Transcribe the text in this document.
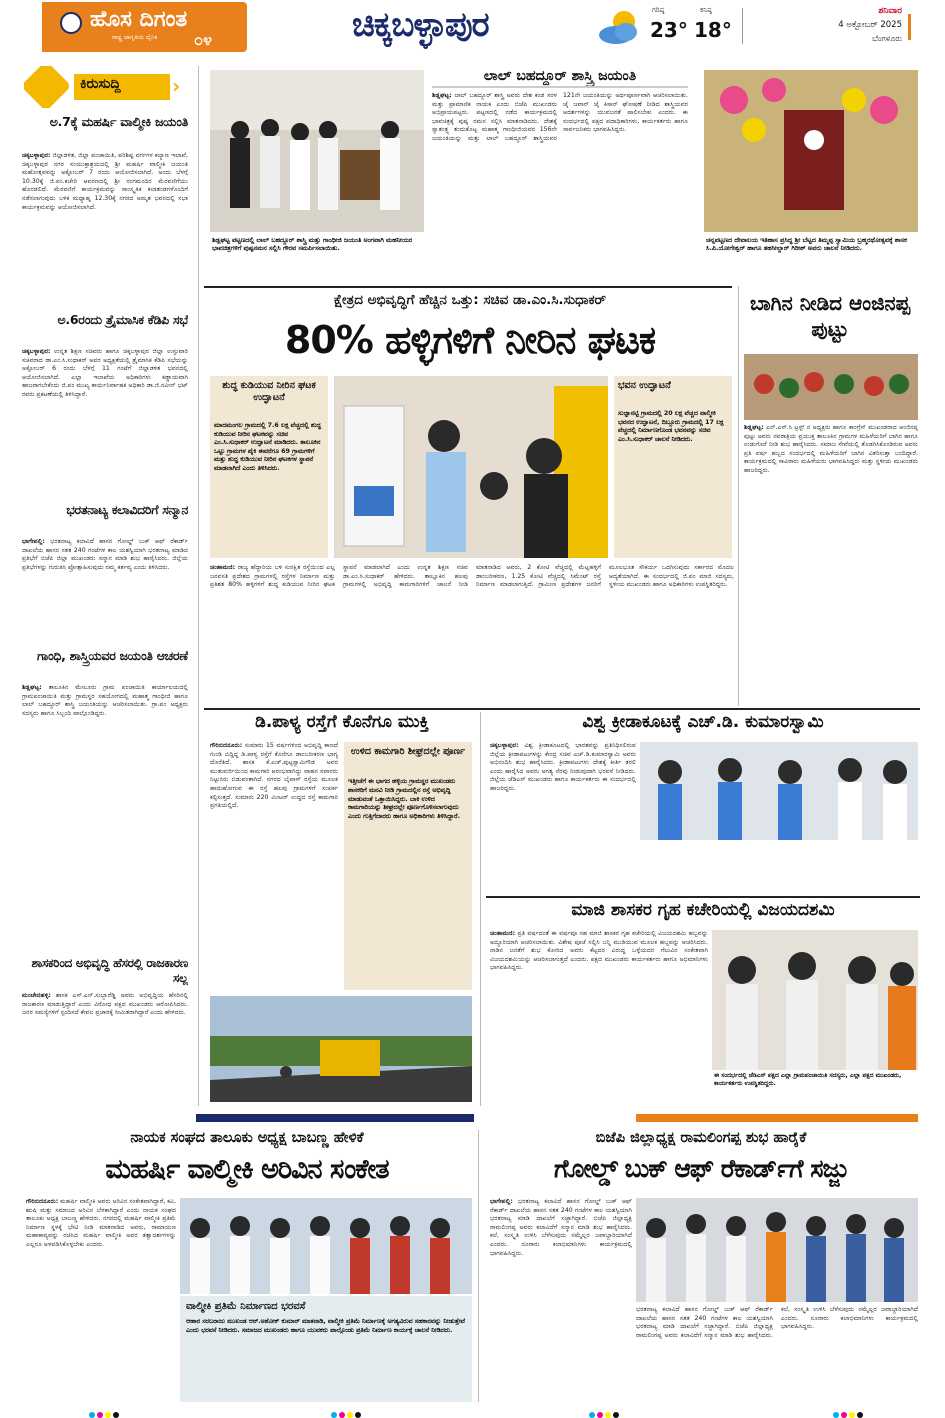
ಹೊಸ ದಿಗಂತ
ರಾಷ್ಟ್ರ ಜಾಗೃತಿಯ ದೈನಿಕ	೦೪	ಚಿಕ್ಕಬಳ್ಳಾಪುರ	ಗರಿಷ್ಠ
23°
ಕನಿಷ್ಠ
18°
ಶನಿವಾರ
4 ಅಕ್ಟೋಬರ್ 2025
ಬೆಂಗಳೂರು
ಕಿರುಸುದ್ದಿ	›
ಅ.7ಕ್ಕೆ ಮಹರ್ಷಿ ವಾಲ್ಮೀಕಿ ಜಯಂತಿ
ಚಿಕ್ಕಬಳ್ಳಾಪುರ: ಜಿಲ್ಲಾಡಳಿತ, ಜಿಲ್ಲಾ ಪಂಚಾಯಿತಿ, ಪರಿಶಿಷ್ಟ ವರ್ಗಗಳ ಕಲ್ಯಾಣ ಇಲಾಖೆ, ಚಿಕ್ಕಬಳ್ಳಾಪುರ ನಗರ ಸಂಯುಕ್ತಾಶ್ರಯದಲ್ಲಿ ಶ್ರೀ ಮಹರ್ಷಿ ವಾಲ್ಮೀಕಿ ಜಯಂತಿ ಮಹೋತ್ಸವವನ್ನು ಅಕ್ಟೋಬರ್ 7 ರಂದು ಆಯೋಜಿಸಲಾಗಿದೆ. ಅಂದು ಬೆಳಗ್ಗೆ 10.30ಕ್ಕೆ ಜಿ.ಪಂ.ಕಚೇರಿ ಆವರಣದಲ್ಲಿ ಶ್ರೀ ರಂಗಮಂದಿರ ಮೆರವಣಿಗೆಯು ಹೊರಡಲಿದೆ. ಮೆರವಣಿಗೆ ಕಾರ್ಯಕ್ರಮವನ್ನು ಸಾಂಸ್ಕೃತಿಕ ಕಲಾತಂಡಗಳೊಂದಿಗೆ ನಡೆಸಲಾಗುವುದು ಬಳಿಕ ಮಧ್ಯಾಹ್ನ 12.30ಕ್ಕೆ ನಗರದ ಅಮೃತ ಭವನದಲ್ಲಿ ಸಭಾ ಕಾರ್ಯಕ್ರಮವನ್ನು ಆಯೋಜಿಸಲಾಗಿದೆ.
ಅ.6ರಂದು ತ್ರೈಮಾಸಿಕ ಕೆಡಿಪಿ ಸಭೆ
ಚಿಕ್ಕಬಳ್ಳಾಪುರ: ಉನ್ನತ ಶಿಕ್ಷಣ ಸಚಿವರು ಹಾಗೂ ಚಿಕ್ಕಬಳ್ಳಾಪುರ ಜಿಲ್ಲಾ ಉಸ್ತುವಾರಿ ಸಚಿವರಾದ ಡಾ.ಎಂ.ಸಿ.ಸುಧಾಕರ್ ಅವರ ಅಧ್ಯಕ್ಷತೆಯಲ್ಲಿ ತ್ರೈಮಾಸಿಕ ಕೆಡಿಪಿ ಸಭೆಯನ್ನು ಅಕ್ಟೋಬರ್ 6 ರಂದು ಬೆಳಗ್ಗೆ 11 ಗಂಟೆಗೆ ಜಿಲ್ಲಾಡಳಿತ ಭವನದಲ್ಲಿ ಆಯೋಜಿಸಲಾಗಿದೆ. ಎಲ್ಲಾ ಇಲಾಖೆಯ ಅಧಿಕಾರಿಗಳು ಕಡ್ಡಾಯವಾಗಿ ಹಾಜರಾಗಬೇಕೆಂದು ಜಿ.ಪಂ ಮುಖ್ಯ ಕಾರ್ಯನಿರ್ವಾಹಕ ಅಧಿಕಾರಿ ಡಾ.ಜಿ.ನವೀನ್ ಭಟ್ ರವರು ಪ್ರಕಟಣೆಯಲ್ಲಿ ತಿಳಿಸಿದ್ದಾರೆ.
ಭರತನಾಟ್ಯ ಕಲಾವಿದರಿಗೆ ಸನ್ಮಾನ
ಭಾಗೇಪಲ್ಲಿ: ಭರತನಾಟ್ಯ ಕಲಾವಿದೆ ಹಾಸನ ಗೋಲ್ಡ್ ಬುಕ್ ಆಫ್ ರೆಕಾರ್ಡ್ ದಾಖಲೆಯ ಹಾಸನ ಸತತ 240 ಗಂಟೆಗಳ ಕಾಲ ಯಶಸ್ವಿಯಾಗಿ ಭರತನಾಟ್ಯ ಮಾಡಿದ ಪ್ರತಿಭೆಗೆ ಬಿಜೆಪಿ ಜಿಲ್ಲಾ ಮುಖಂಡರು ಸನ್ಮಾನ ಮಾಡಿ ಶುಭ ಹಾರೈಸಿದರು. ಜಿಲ್ಲೆಯ ಪ್ರತಿಭೆಗಳನ್ನು ಗುರುತಿಸಿ ಪ್ರೋತ್ಸಾಹಿಸುವುದು ನಮ್ಮ ಕರ್ತವ್ಯ ಎಂದು ತಿಳಿಸಿದರು.
ಗಾಂಧಿ, ಶಾಸ್ತ್ರಿಯವರ ಜಯಂತಿ ಆಚರಣೆ
ಶಿಡ್ಲಘಟ್ಟ: ತಾಲೂಕಿನ ಮೇಲೂರು ಗ್ರಾಮ ಪಂಚಾಯಿತಿ ಕಾರ್ಯಾಲಯದಲ್ಲಿ ಗ್ರಾಮಪಂಚಾಯಿತಿ ಮತ್ತು ಗ್ರಾಮಸ್ಥರ ಸಹಯೋಗದಲ್ಲಿ ಮಹಾತ್ಮ ಗಾಂಧೀಜಿ ಹಾಗೂ ಲಾಲ್ ಬಹದ್ದೂರ್ ಶಾಸ್ತ್ರಿ ಜಯಂತಿಯನ್ನು ಆಚರಿಸಲಾಯಿತು. ಗ್ರಾ.ಪಂ ಅಧ್ಯಕ್ಷರು ಸದಸ್ಯರು ಹಾಗೂ ಸಿಬ್ಬಂದಿ ಪಾಲ್ಗೊಂಡಿದ್ದರು.
ಶಾಸಕರಿಂದ ಅಭಿವೃದ್ಧಿ ಹೆಸರಲ್ಲಿ ರಾಜಕಾರಣ ಸಲ್ಲ
ಮಂಚೇನಹಳ್ಳಿ: ಶಾಸಕ ಎಸ್.ಎನ್.ಸುಬ್ಬಾರೆಡ್ಡಿ ಅವರು ಅಭಿವೃದ್ಧಿಯ ಹೆಸರಿನಲ್ಲಿ ರಾಜಕಾರಣ ಮಾಡುತ್ತಿದ್ದಾರೆ ಎಂದು ವಿರೋಧ ಪಕ್ಷದ ಮುಖಂಡರು ಆರೋಪಿಸಿದರು. ಜನರ ಸಮಸ್ಯೆಗಳಿಗೆ ಸ್ಪಂದಿಸದೆ ಕೇವಲ ಪ್ರಚಾರಕ್ಕೆ ಸೀಮಿತರಾಗಿದ್ದಾರೆ ಎಂದು ಹೇಳಿದರು.
ಶಿಡ್ಲಘಟ್ಟ ಪಟ್ಟಣದಲ್ಲಿ ಲಾಲ್ ಬಹದ್ದೂರ್ ಶಾಸ್ತ್ರಿ ಮತ್ತು ಗಾಂಧೀಜಿ ಜಯಂತಿ ಅಂಗವಾಗಿ ಮಹನೀಯರ ಭಾವಚಿತ್ರಗಳಿಗೆ ಪುಷ್ಪನಮನ ಸಲ್ಲಿಸಿ ಗೌರವ ಸಮರ್ಪಿಸಲಾಯಿತು.
ಲಾಲ್ ಬಹದ್ದೂರ್ ಶಾಸ್ತ್ರಿ ಜಯಂತಿ
ಶಿಡ್ಲಘಟ್ಟ: ಲಾಲ್ ಬಹದ್ದೂರ್ ಶಾಸ್ತ್ರಿ ಅವರು ದೇಶ ಕಂಡ ಸರಳ ಮತ್ತು ಪ್ರಾಮಾಣಿಕ ನಾಯಕ ಎಂದು ಬಿಜೆಪಿ ಮುಖಂಡರು ಅಭಿಪ್ರಾಯಪಟ್ಟರು. ಪಟ್ಟಣದಲ್ಲಿ ನಡೆದ ಕಾರ್ಯಕ್ರಮದಲ್ಲಿ ಭಾವಚಿತ್ರಕ್ಕೆ ಪುಷ್ಪ ನಮನ ಸಲ್ಲಿಸಿ ಮಾತನಾಡಿದರು. ದೇಶಕ್ಕೆ ಸ್ವಾತಂತ್ರ್ಯ ತಂದುಕೊಟ್ಟ ಮಹಾತ್ಮ ಗಾಂಧೀಜಿಯವರ 156ನೇ ಜಯಂತಿಯನ್ನು ಮತ್ತು ಲಾಲ್ ಬಹದ್ದೂರ್ ಶಾಸ್ತ್ರಿಯವರ 121ನೇ ಜಯಂತಿಯನ್ನು ಅರ್ಥಪೂರ್ಣವಾಗಿ ಆಚರಿಸಲಾಯಿತು. ಜೈ ಜವಾನ್ ಜೈ ಕಿಸಾನ್ ಘೋಷಣೆ ನೀಡಿದ ಶಾಸ್ತ್ರಿಯವರ ಆದರ್ಶಗಳನ್ನು ಯುವಜನತೆ ಪಾಲಿಸಬೇಕು ಎಂದರು. ಈ ಸಂದರ್ಭದಲ್ಲಿ ಪಕ್ಷದ ಪದಾಧಿಕಾರಿಗಳು, ಕಾರ್ಯಕರ್ತರು ಹಾಗೂ ಸಾರ್ವಜನಿಕರು ಭಾಗವಹಿಸಿದ್ದರು.
ಚನ್ನಪಟ್ಟಣದ ದೇವಾಲಯ ಇತಿಹಾಸ ಪ್ರಸಿದ್ಧ ಶ್ರೀ ಬೆಟ್ಟದ ತಿಮ್ಮಪ್ಪ ಸ್ವಾಮಿಯ ಬ್ರಹ್ಮರಥೋತ್ಸವಕ್ಕೆ ಶಾಸಕ ಸಿ.ಪಿ.ಯೋಗೇಶ್ವರ್ ಹಾಗೂ ತಹಸೀಲ್ದಾರ್ ಗಿರೀಶ್ ಅವರು ಚಾಲನೆ ನೀಡಿದರು.
ಕ್ಷೇತ್ರದ ಅಭಿವೃದ್ಧಿಗೆ ಹೆಚ್ಚಿನ ಒತ್ತು: ಸಚಿವ ಡಾ.ಎಂ.ಸಿ.ಸುಧಾಕರ್
80% ಹಳ್ಳಿಗಳಿಗೆ ನೀರಿನ ಘಟಕ
ಶುದ್ಧ ಕುಡಿಯುವ ನೀರಿನ ಘಟಕ ಉದ್ಘಾಟನೆ
ಮಾದಮಂಗಲ ಗ್ರಾಮದಲ್ಲಿ 7.6 ಲಕ್ಷ ವೆಚ್ಚದಲ್ಲಿ ಶುದ್ಧ ಕುಡಿಯುವ ನೀರಿನ ಘಟಕವನ್ನು ಸಚಿವ ಎಂ.ಸಿ.ಸುಧಾಕರ್ ಉದ್ಘಾಟನೆ ಮಾಡಿದರು. ತಾಲೂಕಿನ ಒಟ್ಟು ಗ್ರಾಮಗಳ ಪೈಕಿ ಈವರೆಗೂ 69 ಗ್ರಾಮಗಳಿಗೆ ಮತ್ತು ಶುದ್ಧ ಕುಡಿಯುವ ನೀರಿನ ಘಟಕಗಳ ಸ್ಥಾಪನೆ ಮಾಡಲಾಗಿದೆ ಎಂದು ತಿಳಿಸಿದರು.
ಭವನ ಉದ್ಘಾಟನೆ
ಸುಜ್ಞಾನಟ್ಟಿ ಗ್ರಾಮದಲ್ಲಿ 20 ಲಕ್ಷ ವೆಚ್ಚದ ವಾಲ್ಮೀಕಿ ಭವನದ ಉದ್ಘಾಟನೆ, ದಿಬ್ಬೂರು ಗ್ರಾಮದಲ್ಲಿ 17 ಲಕ್ಷ ವೆಚ್ಚದಲ್ಲಿ ನಿರ್ಮಾಣಗೊಂಡ ಭವನವನ್ನು ಸಚಿವ ಎಂ.ಸಿ.ಸುಧಾಕರ್ ಚಾಲನೆ ನೀಡಿದರು.
ಚಿಂತಾಮಣಿ: ರಾಜ್ಯ ಹೆದ್ದಾರಿಯ ಬಳಿ ಸುರಕ್ಷಿತ ರಸ್ತೆಯಿಂದ ಎಲ್ಲ ಜನವಸತಿ ಪ್ರದೇಶದ ಗ್ರಾಮಗಳಲ್ಲಿ ರಸ್ತೆಗಳ ನಿರ್ಮಾಣ ಮತ್ತು ಪ್ರತಿಶತ 80% ಹಳ್ಳಿಗಳಿಗೆ ಶುದ್ಧ ಕುಡಿಯುವ ನೀರಿನ ಘಟಕ ಸ್ಥಾಪನೆ ಮಾಡಲಾಗಿದೆ ಎಂದು ಉನ್ನತ ಶಿಕ್ಷಣ ಸಚಿವ ಡಾ.ಎಂ.ಸಿ.ಸುಧಾಕರ್ ಹೇಳಿದರು. ತಾಲ್ಲೂಕಿನ ಹಲವು ಗ್ರಾಮಗಳಲ್ಲಿ ಅಭಿವೃದ್ಧಿ ಕಾಮಗಾರಿಗಳಿಗೆ ಚಾಲನೆ ನೀಡಿ ಮಾತನಾಡಿದ ಅವರು, 2 ಕೋಟಿ ವೆಚ್ಚದಲ್ಲಿ ಮೆಟ್ಲಹಳ್ಳಿಗೆ ಡಾಂಬರೀಕರಣ, 1.25 ಕೋಟಿ ವೆಚ್ಚದಲ್ಲಿ ಸಿಮೆಂಟ್ ರಸ್ತೆ ನಿರ್ಮಾಣ ಮಾಡಲಾಗುತ್ತಿದೆ. ಗ್ರಾಮೀಣ ಪ್ರದೇಶಗಳ ಜನರಿಗೆ ಮೂಲಭೂತ ಸೌಕರ್ಯ ಒದಗಿಸುವುದು ಸರ್ಕಾರದ ಮೊದಲ ಆದ್ಯತೆಯಾಗಿದೆ. ಈ ಸಂದರ್ಭದಲ್ಲಿ ಜಿ.ಪಂ ಮಾಜಿ ಸದಸ್ಯರು, ಸ್ಥಳೀಯ ಮುಖಂಡರು ಹಾಗೂ ಅಧಿಕಾರಿಗಳು ಉಪಸ್ಥಿತರಿದ್ದರು.
ಬಾಗಿನ ನೀಡಿದ ಆಂಜಿನಪ್ಪ ಪುಟ್ಟು
ಶಿಡ್ಲಘಟ್ಟ: ಎನ್.ಎಸ್.ಸಿ ಟ್ರಸ್ಟ್ ನ ಅಧ್ಯಕ್ಷರು ಹಾಗೂ ಕಾಂಗ್ರೆಸ್ ಮುಖಂಡರಾದ ಆಂಜಿನಪ್ಪ ಪುಟ್ಟು ಅವರು ನವರಾತ್ರಿಯ ಪ್ರಯುಕ್ತ ತಾಲೂಕಿನ ಗ್ರಾಮಗಳ ಮಹಿಳೆಯರಿಗೆ ಬಾಗಿನ ಹಾಗೂ ಉಡುಗೊರೆ ನೀಡಿ ಶುಭ ಹಾರೈಸಿದರು. ಸಮಾಜ ಸೇವೆಯಲ್ಲಿ ತೊಡಗಿಸಿಕೊಂಡಿರುವ ಅವರು ಪ್ರತಿ ವರ್ಷ ಹಬ್ಬದ ಸಂದರ್ಭದಲ್ಲಿ ಮಹಿಳೆಯರಿಗೆ ಬಾಗಿನ ವಿತರಿಸುತ್ತಾ ಬಂದಿದ್ದಾರೆ. ಕಾರ್ಯಕ್ರಮದಲ್ಲಿ ಸಾವಿರಾರು ಮಹಿಳೆಯರು ಭಾಗವಹಿಸಿದ್ದರು ಮತ್ತು ಸ್ಥಳೀಯ ಮುಖಂಡರು ಹಾಜರಿದ್ದರು.
ಡಿ.ಪಾಳ್ಯ ರಸ್ತೆಗೆ ಕೊನೆಗೂ ಮುಕ್ತಿ
ಗೌರಿಬಿದನೂರು: ಸುಮಾರು 15 ವರ್ಷಗಳಿಂದ ಅಭಿವೃದ್ಧಿ ಕಾಣದೆ ಗುಂಡಿ ಬಿದ್ದಿದ್ದ ಡಿ.ಪಾಳ್ಯ ರಸ್ತೆಗೆ ಕೊನೆಗೂ ಡಾಂಬರೀಕರಣ ಭಾಗ್ಯ ದೊರೆತಿದೆ. ಶಾಸಕ ಕೆ.ಎಚ್.ಪುಟ್ಟಸ್ವಾಮಿಗೌಡ ಅವರ ಮುತುವರ್ಜಿಯಿಂದ ಕಾಮಗಾರಿ ಆರಂಭವಾಗಿದ್ದು ವಾಹನ ಸವಾರರು ನಿಟ್ಟುಸಿರು ಬಿಡುವಂತಾಗಿದೆ. ನಗರದ ಬೈಪಾಸ್ ರಸ್ತೆಯ ಮೂಲಕ ಹಾದುಹೋಗುವ ಈ ರಸ್ತೆ ಹಲವು ಗ್ರಾಮಗಳಿಗೆ ಸಂಪರ್ಕ ಕಲ್ಪಿಸುತ್ತದೆ. ಸುಮಾರು 220 ಮೀಟರ್ ಉದ್ದದ ರಸ್ತೆ ಕಾಮಗಾರಿ ಪ್ರಗತಿಯಲ್ಲಿದೆ.
ಉಳಿದ ಕಾಮಗಾರಿ ಶೀಘ್ರದಲ್ಲೇ ಪೂರ್ಣ
ಇತ್ತೀಚೆಗೆ ಈ ಭಾಗದ ಹಳ್ಳಿಯ ಗ್ರಾಮಸ್ಥರ ಮುಖಂಡರು ಶಾಸಕರಿಗೆ ಮನವಿ ನೀಡಿ ಗ್ರಾಮದಲ್ಲಿನ ರಸ್ತೆ ಅಭಿವೃದ್ಧಿ ಮಾಡುವಂತೆ ಒತ್ತಾಯಿಸಿದ್ದರು. ಬಾಕಿ ಉಳಿದ ಕಾಮಗಾರಿಯನ್ನು ಶೀಘ್ರದಲ್ಲೇ ಪೂರ್ಣಗೊಳಿಸಲಾಗುವುದು ಎಂದು ಗುತ್ತಿಗೆದಾರರು ಹಾಗೂ ಅಧಿಕಾರಿಗಳು ತಿಳಿಸಿದ್ದಾರೆ.
ವಿಶ್ವ ಕ್ರೀಡಾಕೂಟಕ್ಕೆ ಎಚ್.ಡಿ. ಕುಮಾರಸ್ವಾಮಿ
ಚಿಕ್ಕಬಳ್ಳಾಪುರ: ವಿಶ್ವ ಕ್ರೀಡಾಕೂಟದಲ್ಲಿ ಭಾರತವನ್ನು ಪ್ರತಿನಿಧಿಸಲಿರುವ ಜಿಲ್ಲೆಯ ಕ್ರೀಡಾಪಟುಗಳನ್ನು ಕೇಂದ್ರ ಸಚಿವ ಎಚ್.ಡಿ.ಕುಮಾರಸ್ವಾಮಿ ಅವರು ಅಭಿನಂದಿಸಿ ಶುಭ ಹಾರೈಸಿದರು. ಕ್ರೀಡಾಪಟುಗಳು ದೇಶಕ್ಕೆ ಕೀರ್ತಿ ತರಲಿ ಎಂದು ಹಾರೈಸಿದ ಅವರು ಅಗತ್ಯ ನೆರವು ನೀಡುವುದಾಗಿ ಭರವಸೆ ನೀಡಿದರು. ಜಿಲ್ಲೆಯ ಜೆಡಿಎಸ್ ಮುಖಂಡರು ಹಾಗೂ ಕಾರ್ಯಕರ್ತರು ಈ ಸಂದರ್ಭದಲ್ಲಿ ಹಾಜರಿದ್ದರು.
ಮಾಜಿ ಶಾಸಕರ ಗೃಹ ಕಚೇರಿಯಲ್ಲಿ ವಿಜಯದಶಮಿ
ಚಿಂತಾಮಣಿ: ಪ್ರತಿ ವರ್ಷದಂತೆ ಈ ವರ್ಷವೂ ಸಹ ಮಾಜಿ ಶಾಸಕರ ಗೃಹ ಕಚೇರಿಯಲ್ಲಿ ವಿಜಯದಶಮಿ ಹಬ್ಬವನ್ನು ಅದ್ದೂರಿಯಾಗಿ ಆಚರಿಸಲಾಯಿತು. ವಿಶೇಷ ಪೂಜೆ ಸಲ್ಲಿಸಿ ಬನ್ನಿ ಮುಡಿಯುವ ಮೂಲಕ ಹಬ್ಬವನ್ನು ಆಚರಿಸಿದರು. ನಾಡಿನ ಜನತೆಗೆ ಶುಭ ಕೋರಿದ ಅವರು ಕೆಟ್ಟದರ ವಿರುದ್ಧ ಒಳ್ಳೆಯದರ ಗೆಲುವಿನ ಸಂಕೇತವಾಗಿ ವಿಜಯದಶಮಿಯನ್ನು ಆಚರಿಸಲಾಗುತ್ತದೆ ಎಂದರು. ಪಕ್ಷದ ಮುಖಂಡರು ಕಾರ್ಯಕರ್ತರು ಹಾಗೂ ಅಭಿಮಾನಿಗಳು ಭಾಗವಹಿಸಿದ್ದರು.
ಈ ಸಂದರ್ಭದಲ್ಲಿ ಜೆಡಿಎಸ್ ಪಕ್ಷದ ಎಲ್ಲಾ ಗ್ರಾಮಪಂಚಾಯಿತಿ ಸದಸ್ಯರು, ಎಲ್ಲಾ ಪಕ್ಷದ ಮುಖಂಡರು, ಕಾರ್ಯಕರ್ತರು ಉಪಸ್ಥಿತರಿದ್ದರು.
ನಾಯಕ ಸಂಘದ ತಾಲೂಕು ಅಧ್ಯಕ್ಷ ಬಾಬಣ್ಣ ಹೇಳಿಕೆ
ಮಹರ್ಷಿ ವಾಲ್ಮೀಕಿ ಅರಿವಿನ ಸಂಕೇತ
ಗೌರಿಬಿದನೂರು: ಮಹರ್ಷಿ ವಾಲ್ಮೀಕಿ ಅವರು ಅರಿವಿನ ಸಂಕೇತವಾಗಿದ್ದಾರೆ, ಕವಿ, ಋಷಿ ಮತ್ತು ಸಮಾಜದ ಅರಿವಿನ ಬೆಳಕಾಗಿದ್ದಾರೆ ಎಂದು ನಾಯಕ ಸಂಘದ ತಾಲೂಕು ಅಧ್ಯಕ್ಷ ಬಾಬಣ್ಣ ಹೇಳಿದರು. ನಗರದಲ್ಲಿ ಮಹರ್ಷಿ ವಾಲ್ಮೀಕಿ ಪ್ರತಿಮೆ ನಿರ್ಮಾಣ ಸ್ಥಳಕ್ಕೆ ಭೇಟಿ ನೀಡಿ ಮಾತನಾಡಿದ ಅವರು, ರಾಮಾಯಣ ಮಹಾಕಾವ್ಯವನ್ನು ರಚಿಸಿದ ಮಹರ್ಷಿ ವಾಲ್ಮೀಕಿ ಅವರ ತತ್ವಾದರ್ಶಗಳನ್ನು ಎಲ್ಲರೂ ಅಳವಡಿಸಿಕೊಳ್ಳಬೇಕು ಎಂದರು.
ವಾಲ್ಮೀಕಿ ಪ್ರತಿಮೆ ನಿರ್ಮಾಣದ ಭರವಸೆ
ಆಹಾರ ಸರಬರಾಜು ಮುಖಂಡ ಆರ್.ಅಶೋಕ್ ಕುಮಾರ್ ಮಾತನಾಡಿ, ವಾಲ್ಮೀಕಿ ಪ್ರತಿಮೆ ನಿರ್ಮಾಣಕ್ಕೆ ಅಗತ್ಯವಿರುವ ಸಹಕಾರವನ್ನು ನೀಡುತ್ತೇವೆ ಎಂದು ಭರವಸೆ ನೀಡಿದರು. ಸಮಾಜದ ಮುಖಂಡರು ಹಾಗೂ ಯುವಕರು ಪಾಲ್ಗೊಂಡು ಪ್ರತಿಮೆ ನಿರ್ಮಾಣ ಕಾರ್ಯಕ್ಕೆ ಚಾಲನೆ ನೀಡಿದರು.
ಬಿಜೆಪಿ ಜಿಲ್ಲಾಧ್ಯಕ್ಷ ರಾಮಲಿಂಗಪ್ಪ ಶುಭ ಹಾರೈಕೆ
ಗೋಲ್ಡ್ ಬುಕ್ ಆಫ್ ರೆಕಾರ್ಡ್‌ಗೆ ಸಜ್ಜು
ಭಾಗೇಪಲ್ಲಿ: ಭರತನಾಟ್ಯ ಕಲಾವಿದೆ ಹಾಸನ ಗೋಲ್ಡ್ ಬುಕ್ ಆಫ್ ರೆಕಾರ್ಡ್ ದಾಖಲೆಯ ಹಾಸನ ಸತತ 240 ಗಂಟೆಗಳ ಕಾಲ ಯಶಸ್ವಿಯಾಗಿ ಭರತನಾಟ್ಯ ಮಾಡಿ ದಾಖಲೆಗೆ ಸಜ್ಜಾಗಿದ್ದಾರೆ. ಬಿಜೆಪಿ ಜಿಲ್ಲಾಧ್ಯಕ್ಷ ರಾಮಲಿಂಗಪ್ಪ ಅವರು ಕಲಾವಿದೆಗೆ ಸನ್ಮಾನ ಮಾಡಿ ಶುಭ ಹಾರೈಸಿದರು. ಕಲೆ, ಸಂಸ್ಕೃತಿ ಉಳಿಸಿ ಬೆಳೆಸುವುದು ನಮ್ಮೆಲ್ಲರ ಜವಾಬ್ದಾರಿಯಾಗಿದೆ ಎಂದರು. ನೂರಾರು ಕಲಾಭಿಮಾನಿಗಳು ಕಾರ್ಯಕ್ರಮದಲ್ಲಿ ಭಾಗವಹಿಸಿದ್ದರು.
ಭರತನಾಟ್ಯ ಕಲಾವಿದೆ ಹಾಸನ ಗೋಲ್ಡ್ ಬುಕ್ ಆಫ್ ರೆಕಾರ್ಡ್ ದಾಖಲೆಯ ಹಾಸನ ಸತತ 240 ಗಂಟೆಗಳ ಕಾಲ ಯಶಸ್ವಿಯಾಗಿ ಭರತನಾಟ್ಯ ಮಾಡಿ ದಾಖಲೆಗೆ ಸಜ್ಜಾಗಿದ್ದಾರೆ. ಬಿಜೆಪಿ ಜಿಲ್ಲಾಧ್ಯಕ್ಷ ರಾಮಲಿಂಗಪ್ಪ ಅವರು ಕಲಾವಿದೆಗೆ ಸನ್ಮಾನ ಮಾಡಿ ಶುಭ ಹಾರೈಸಿದರು. ಕಲೆ, ಸಂಸ್ಕೃತಿ ಉಳಿಸಿ ಬೆಳೆಸುವುದು ನಮ್ಮೆಲ್ಲರ ಜವಾಬ್ದಾರಿಯಾಗಿದೆ ಎಂದರು. ನೂರಾರು ಕಲಾಭಿಮಾನಿಗಳು ಕಾರ್ಯಕ್ರಮದಲ್ಲಿ ಭಾಗವಹಿಸಿದ್ದರು.
